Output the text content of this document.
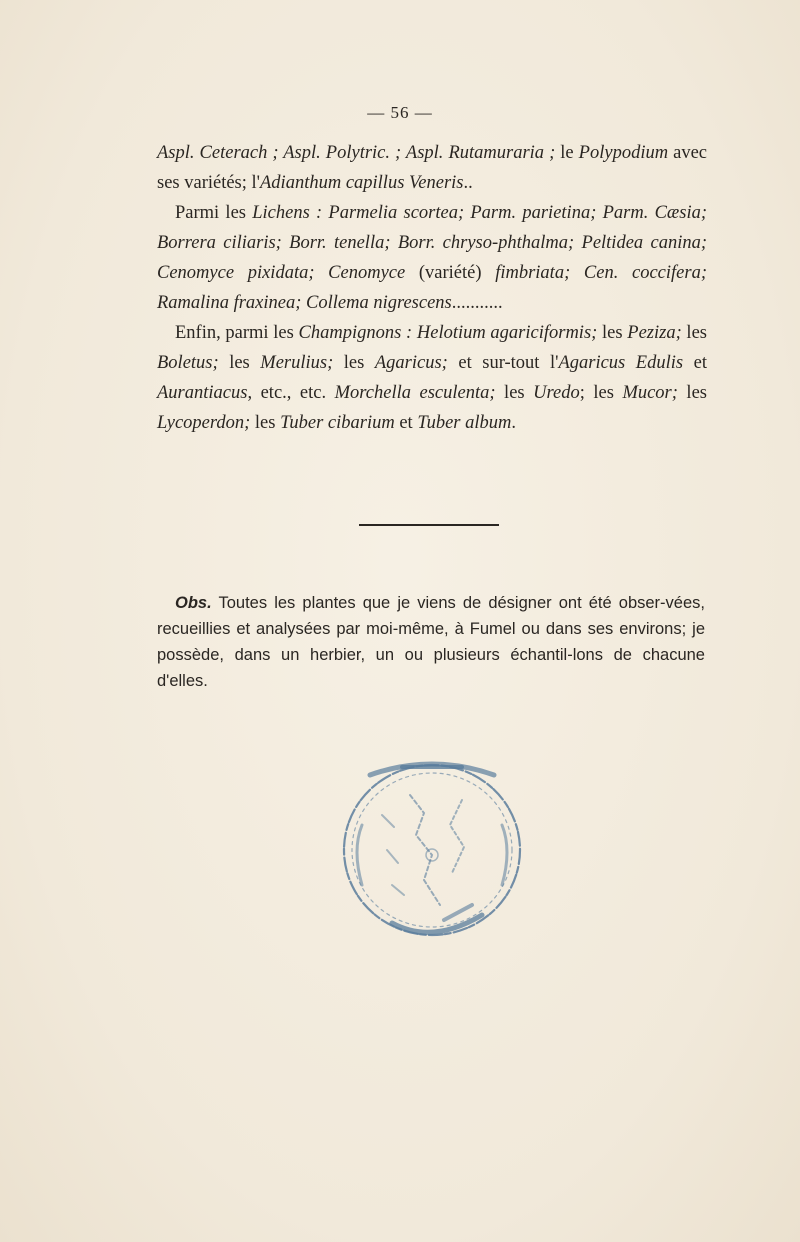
— 56 —

Aspl. Ceterach ; Aspl. Polytric. ; Aspl. Rutamuraria ; le Polypodium avec ses variétés; l'Adianthum capillus Veneris..

Parmi les Lichens : Parmelia scortea; Parm. parietina; Parm. Cæsia; Borrera ciliaris; Borr. tenella; Borr. chryso-phthalma; Peltidea canina; Cenomyce pixidata; Cenomyce (variété) fimbriata; Cen. coccifera; Ramalina fraxinea; Collema nigrescens...........

Enfin, parmi les Champignons : Helotium agariciformis; les Peziza; les Boletus; les Merulius; les Agaricus; et sur-tout l'Agaricus Edulis et Aurantiacus, etc., etc. Morchella esculenta; les Uredo; les Mucor; les Lycoperdon; les Tuber cibarium et Tuber album.

Obs. Toutes les plantes que je viens de désigner ont été obser-vées, recueillies et analysées par moi-même, à Fumel ou dans ses environs; je possède, dans un herbier, un ou plusieurs échantil-lons de chacune d'elles.
